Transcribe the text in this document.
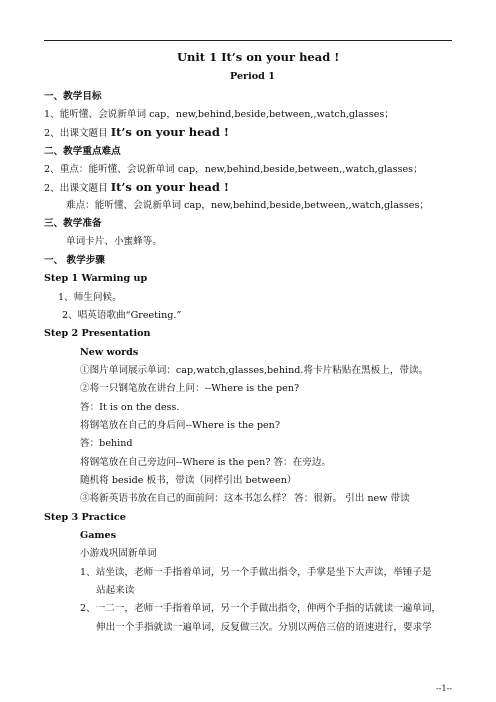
Unit 1 It’s on your head !
Period 1
一、教学目标
1、能听懂、会说新单词 cap，new,behind,beside,between,,watch,glasses；
2、出课文题目 It’s on your head !
二、教学重点难点
2、重点：能听懂、会说新单词 cap，new,behind,beside,between,,watch,glasses；
2、出课文题目 It’s on your head !
难点：能听懂、会说新单词 cap，new,behind,beside,between,,watch,glasses；
三、教学准备
单词卡片、小蜜蜂等。
一、 教学步骤
Step 1 Warming up
1、师生问候。
2、唱英语歌曲“Greeting.”
Step 2 Presentation
New words
①图片单词展示单词：cap,watch,glasses,behind.将卡片粘贴在黑板上，带读。
②将一只钢笔放在讲台上问：--Where is the pen?
答：It is on the dess.
将钢笔放在自己的身后问--Where is the pen?
答：behind
将钢笔放在自己旁边问--Where is the pen? 答：在旁边。
随机将 beside 板书，带读（同样引出 between）
③将新英语书放在自己的面前问：这本书怎么样？ 答：很新。 引出 new 带读
Step 3 Practice
Games
小游戏巩固新单词
1、站坐读，老师一手指着单词，另一个手做出指令，手掌是坐下大声读，举锤子是
站起来读
2、一二一，老师一手指着单词，另一个手做出指令，伸两个手指的话就读一遍单词，
伸出一个手指就读一遍单词，反复做三次。分别以两倍三倍的语速进行，要求学
--1--
